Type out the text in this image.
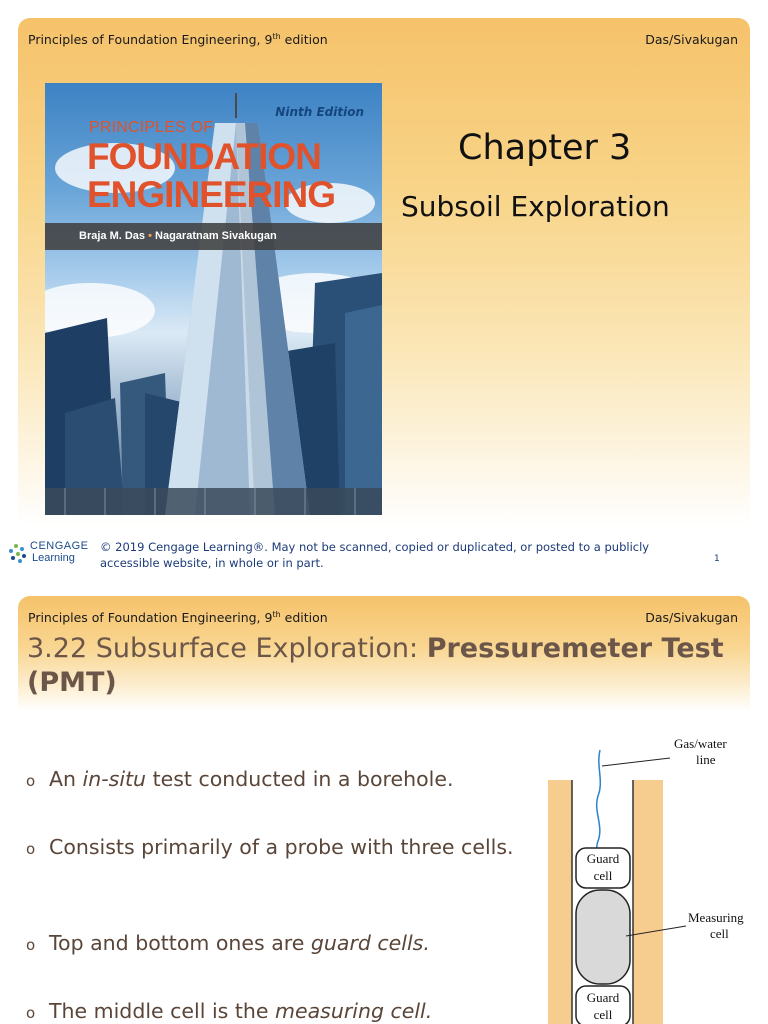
Principles of Foundation Engineering, 9th edition	Das/Sivakugan
Ninth Edition
PRINCIPLES OF
FOUNDATION
ENGINEERING
Braja M. Das • Nagaratnam Sivakugan
Chapter 3
Subsoil Exploration
CENGAGE
Learning
© 2019 Cengage Learning®. May not be scanned, copied or duplicated, or posted to a publicly
accessible website, in whole or in part.	1
Principles of Foundation Engineering, 9th edition	Das/Sivakugan
3.22 Subsurface Exploration: Pressuremeter Test (PMT)
o An in-situ test conducted in a borehole.
o Consists primarily of a probe with three cells.
o Top and bottom ones are guard cells.
o The middle cell is the measuring cell.
Gas/water
line
Guard
cell
Measuring
cell
Guard
cell
